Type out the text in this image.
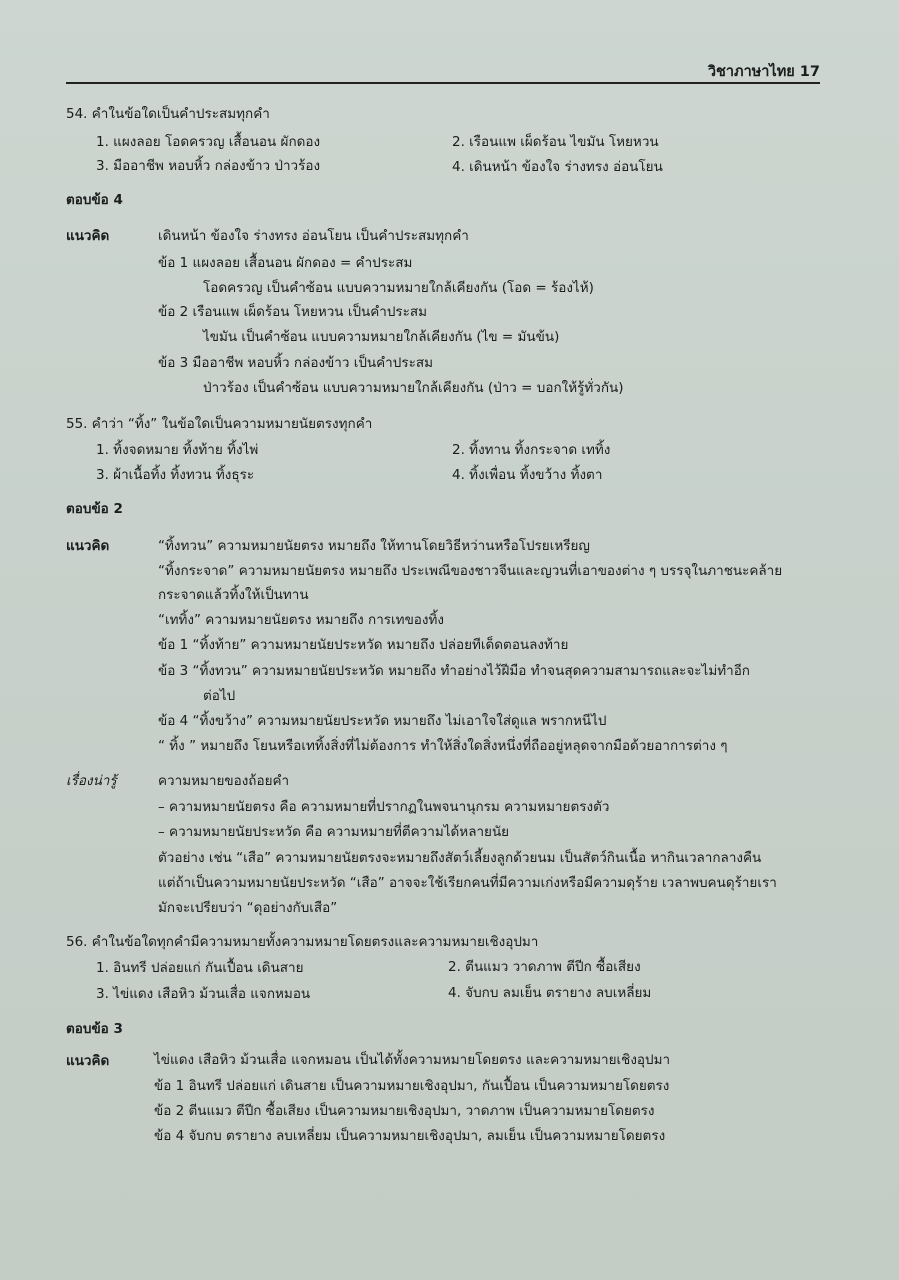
วิชาภาษาไทย 17
54. คำในข้อใดเป็นคำประสมทุกคำ
1. แผงลอย โอดครวญ เสื้อนอน ผักดอง	2. เรือนแพ เผ็ดร้อน ไขมัน โหยหวน
3. มืออาชีพ หอบหิ้ว กล่องข้าว ป่าวร้อง	4. เดินหน้า ข้องใจ ร่างทรง อ่อนโยน
ตอบข้อ 4
แนวคิด	เดินหน้า ข้องใจ ร่างทรง อ่อนโยน เป็นคำประสมทุกคำ
ข้อ 1 แผงลอย เสื้อนอน ผักดอง = คำประสม
โอดครวญ เป็นคำซ้อน แบบความหมายใกล้เคียงกัน (โอด = ร้องไห้)
ข้อ 2 เรือนแพ เผ็ดร้อน โหยหวน เป็นคำประสม
ไขมัน เป็นคำซ้อน แบบความหมายใกล้เคียงกัน (ไข = มันข้น)
ข้อ 3 มืออาชีพ หอบหิ้ว กล่องข้าว เป็นคำประสม
ป่าวร้อง เป็นคำซ้อน แบบความหมายใกล้เคียงกัน (ป่าว = บอกให้รู้ทั่วกัน)
55. คำว่า “ทิ้ง” ในข้อใดเป็นความหมายนัยตรงทุกคำ
1. ทิ้งจดหมาย ทิ้งท้าย ทิ้งไพ่	2. ทิ้งทาน ทิ้งกระจาด เททิ้ง
3. ผ้าเนื้อทิ้ง ทิ้งทวน ทิ้งธุระ	4. ทิ้งเพื่อน ทิ้งขว้าง ทิ้งตา
ตอบข้อ 2
แนวคิด	“ทิ้งทวน” ความหมายนัยตรง หมายถึง ให้ทานโดยวิธีหว่านหรือโปรยเหรียญ
“ทิ้งกระจาด” ความหมายนัยตรง หมายถึง ประเพณีของชาวจีนและญวนที่เอาของต่าง ๆ บรรจุในภาชนะคล้าย
กระจาดแล้วทิ้งให้เป็นทาน
“เททิ้ง” ความหมายนัยตรง หมายถึง การเทของทิ้ง
ข้อ 1 “ทิ้งท้าย” ความหมายนัยประหวัด หมายถึง ปล่อยทีเด็ดตอนลงท้าย
ข้อ 3 “ทิ้งทวน” ความหมายนัยประหวัด หมายถึง ทำอย่างไว้ฝีมือ ทำจนสุดความสามารถและจะไม่ทำอีก
ต่อไป
ข้อ 4 “ทิ้งขว้าง” ความหมายนัยประหวัด หมายถึง ไม่เอาใจใส่ดูแล พรากหนีไป
“ ทิ้ง ” หมายถึง โยนหรือเททิ้งสิ่งที่ไม่ต้องการ ทำให้สิ่งใดสิ่งหนึ่งที่ถืออยู่หลุดจากมือด้วยอาการต่าง ๆ
เรื่องน่ารู้	ความหมายของถ้อยคำ
– ความหมายนัยตรง คือ ความหมายที่ปรากฏในพจนานุกรม ความหมายตรงตัว
– ความหมายนัยประหวัด คือ ความหมายที่ตีความได้หลายนัย
ตัวอย่าง เช่น “เสือ” ความหมายนัยตรงจะหมายถึงสัตว์เลี้ยงลูกด้วยนม เป็นสัตว์กินเนื้อ หากินเวลากลางคืน
แต่ถ้าเป็นความหมายนัยประหวัด “เสือ” อาจจะใช้เรียกคนที่มีความเก่งหรือมีความดุร้าย เวลาพบคนดุร้ายเรา
มักจะเปรียบว่า “ดุอย่างกับเสือ”
56. คำในข้อใดทุกคำมีความหมายทั้งความหมายโดยตรงและความหมายเชิงอุปมา
1. อินทรี ปล่อยแก่ กันเปื้อน เดินสาย	2. ตีนแมว วาดภาพ ตีปีก ซื้อเสียง
3. ไข่แดง เสือหิว ม้วนเสื่อ แจกหมอน	4. จับกบ ลมเย็น ตรายาง ลบเหลี่ยม
ตอบข้อ 3
แนวคิด	ไข่แดง เสือหิว ม้วนเสื่อ แจกหมอน เป็นได้ทั้งความหมายโดยตรง และความหมายเชิงอุปมา
ข้อ 1 อินทรี ปล่อยแก่ เดินสาย เป็นความหมายเชิงอุปมา, กันเปื้อน เป็นความหมายโดยตรง
ข้อ 2 ตีนแมว ตีปีก ซื้อเสียง เป็นความหมายเชิงอุปมา, วาดภาพ เป็นความหมายโดยตรง
ข้อ 4 จับกบ ตรายาง ลบเหลี่ยม เป็นความหมายเชิงอุปมา, ลมเย็น เป็นความหมายโดยตรง
